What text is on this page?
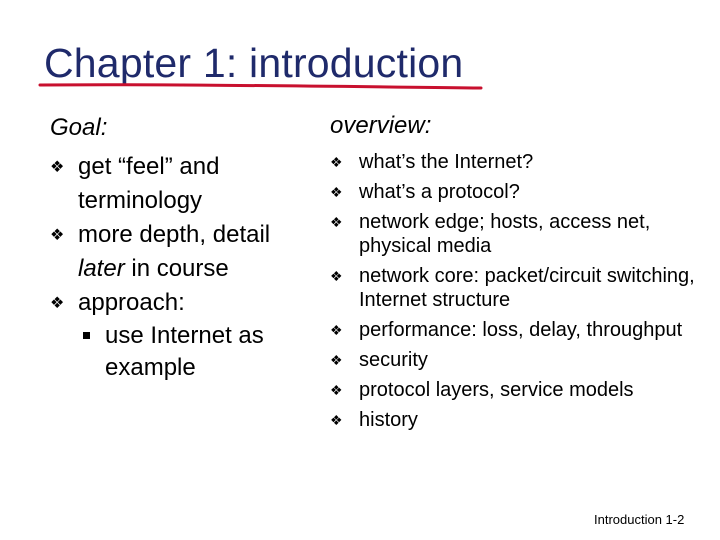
Chapter 1: introduction
Goal:
❖ get “feel” and terminology
❖ more depth, detail later in course
❖ approach:
use Internet as example
overview:
❖ what’s the Internet?
❖ what’s a protocol?
❖ network edge; hosts, access net, physical media
❖ network core: packet/circuit switching, Internet structure
❖ performance: loss, delay, throughput
❖ security
❖ protocol layers, service models
❖ history
Introduction 1-2
